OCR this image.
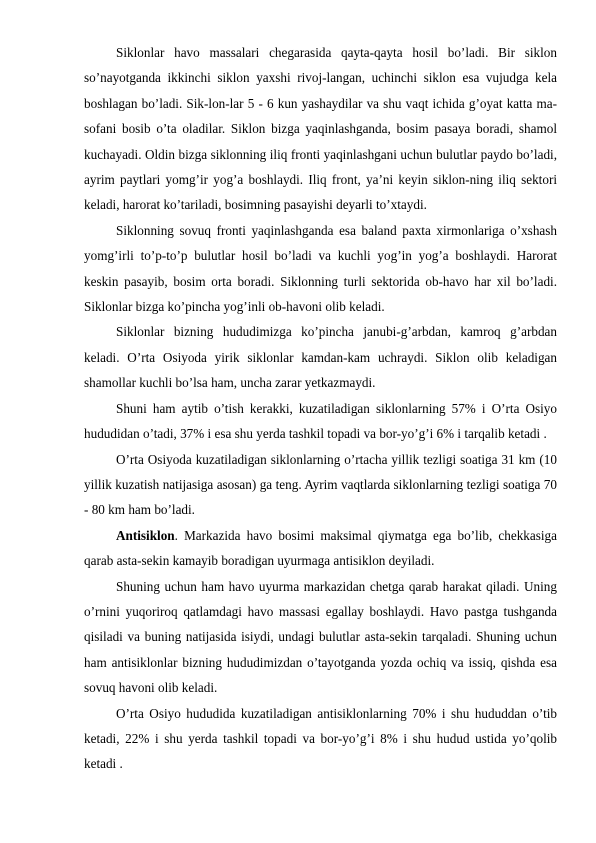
Siklonlar havo massalari chegarasida qayta-qayta hosil bo’ladi. Bir siklon so’nayotganda ikkinchi siklon yaxshi rivoj-langan, uchinchi siklon esa vujudga kela boshlagan bo’ladi. Sik-lon-lar 5 - 6 kun yashaydilar va shu vaqt ichida g’oyat katta ma-sofani bosib o’ta oladilar. Siklon bizga yaqinlashganda, bosim pasaya boradi, shamol kuchayadi. Oldin bizga siklonning iliq fronti yaqinlashgani uchun bulutlar paydo bo’ladi, ayrim paytlari yomg’ir yog’a boshlaydi. Iliq front, ya’ni keyin siklon-ning iliq sektori keladi, harorat ko’tariladi, bosimning pasayishi deyarli to’xtaydi.

Siklonning sovuq fronti yaqinlashganda esa baland paxta xirmonlariga o’xshash yomg’irli to’p-to’p bulutlar hosil bo’ladi va kuchli yog’in yog’a boshlaydi. Harorat keskin pasayib, bosim orta boradi. Siklonning turli sektorida ob-havo har xil bo’ladi. Siklonlar bizga ko’pincha yog’inli ob-havoni olib keladi.

Siklonlar bizning hududimizga ko’pincha janubi-g’arbdan, kamroq g’arbdan keladi. O’rta Osiyoda yirik siklonlar kamdan-kam uchraydi. Siklon olib keladigan shamollar kuchli bo’lsa ham, uncha zarar yetkazmaydi.

Shuni ham aytib o’tish kerakki, kuzatiladigan siklonlarning 57% i O’rta Osiyo hududidan o’tadi, 37% i esa shu yerda tashkil topadi va bor-yo’g’i 6% i tarqalib ketadi .

O’rta Osiyoda kuzatiladigan siklonlarning o’rtacha yillik tezligi soatiga 31 km (10 yillik kuzatish natijasiga asosan) ga teng. Ayrim vaqtlarda siklonlarning tezligi soatiga 70 - 80 km ham bo’ladi.

Antisiklon. Markazida havo bosimi maksimal qiymatga ega bo’lib, chekkasiga qarab asta-sekin kamayib boradigan uyurmaga antisiklon deyiladi.

Shuning uchun ham havo uyurma markazidan chetga qarab harakat qiladi. Uning o’rnini yuqoriroq qatlamdagi havo massasi egallay boshlaydi. Havo pastga tushganda qisiladi va buning natijasida isiydi, undagi bulutlar asta-sekin tarqaladi. Shuning uchun ham antisiklonlar bizning hududimizdan o’tayotganda yozda ochiq va issiq, qishda esa sovuq havoni olib keladi.

O’rta Osiyo hududida kuzatiladigan antisiklonlarning 70% i shu hududdan o’tib ketadi, 22% i shu yerda tashkil topadi va bor-yo’g’i 8% i shu hudud ustida yo’qolib ketadi .
